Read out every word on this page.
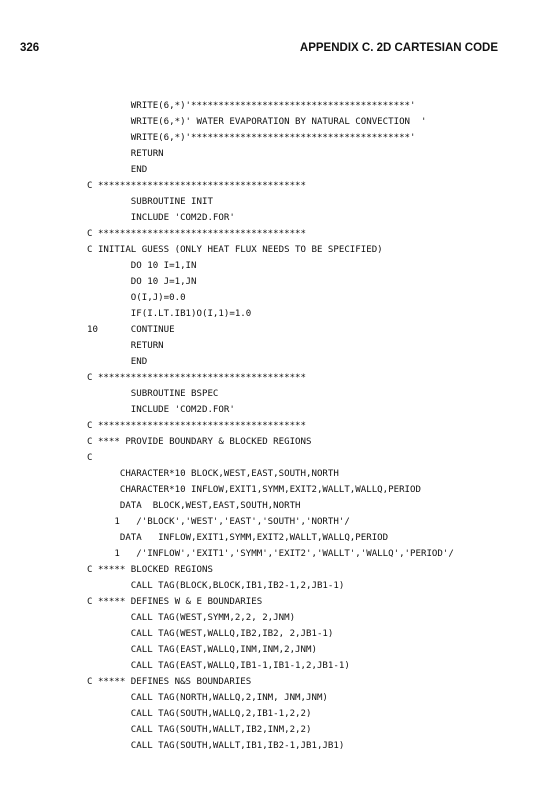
326	APPENDIX C. 2D CARTESIAN CODE
WRITE(6,*)'****************************************'
WRITE(6,*)' WATER EVAPORATION BY NATURAL CONVECTION  '
WRITE(6,*)'****************************************'
RETURN
END
C **************************************
SUBROUTINE INIT
INCLUDE 'COM2D.FOR'
C **************************************
C INITIAL GUESS (ONLY HEAT FLUX NEEDS TO BE SPECIFIED)
DO 10 I=1,IN
DO 10 J=1,JN
O(I,J)=0.0
IF(I.LT.IB1)O(I,1)=1.0
10      CONTINUE
RETURN
END
C **************************************
SUBROUTINE BSPEC
INCLUDE 'COM2D.FOR'
C **************************************
C **** PROVIDE BOUNDARY & BLOCKED REGIONS
C
CHARACTER*10 BLOCK,WEST,EAST,SOUTH,NORTH
CHARACTER*10 INFLOW,EXIT1,SYMM,EXIT2,WALLT,WALLQ,PERIOD
DATA  BLOCK,WEST,EAST,SOUTH,NORTH
1   /'BLOCK','WEST','EAST','SOUTH','NORTH'/
DATA   INFLOW,EXIT1,SYMM,EXIT2,WALLT,WALLQ,PERIOD
1   /'INFLOW','EXIT1','SYMM','EXIT2','WALLT','WALLQ','PERIOD'/
C ***** BLOCKED REGIONS
CALL TAG(BLOCK,BLOCK,IB1,IB2-1,2,JB1-1)
C ***** DEFINES W & E BOUNDARIES
CALL TAG(WEST,SYMM,2,2, 2,JNM)
CALL TAG(WEST,WALLQ,IB2,IB2, 2,JB1-1)
CALL TAG(EAST,WALLQ,INM,INM,2,JNM)
CALL TAG(EAST,WALLQ,IB1-1,IB1-1,2,JB1-1)
C ***** DEFINES N&S BOUNDARIES
CALL TAG(NORTH,WALLQ,2,INM, JNM,JNM)
CALL TAG(SOUTH,WALLQ,2,IB1-1,2,2)
CALL TAG(SOUTH,WALLT,IB2,INM,2,2)
CALL TAG(SOUTH,WALLT,IB1,IB2-1,JB1,JB1)
